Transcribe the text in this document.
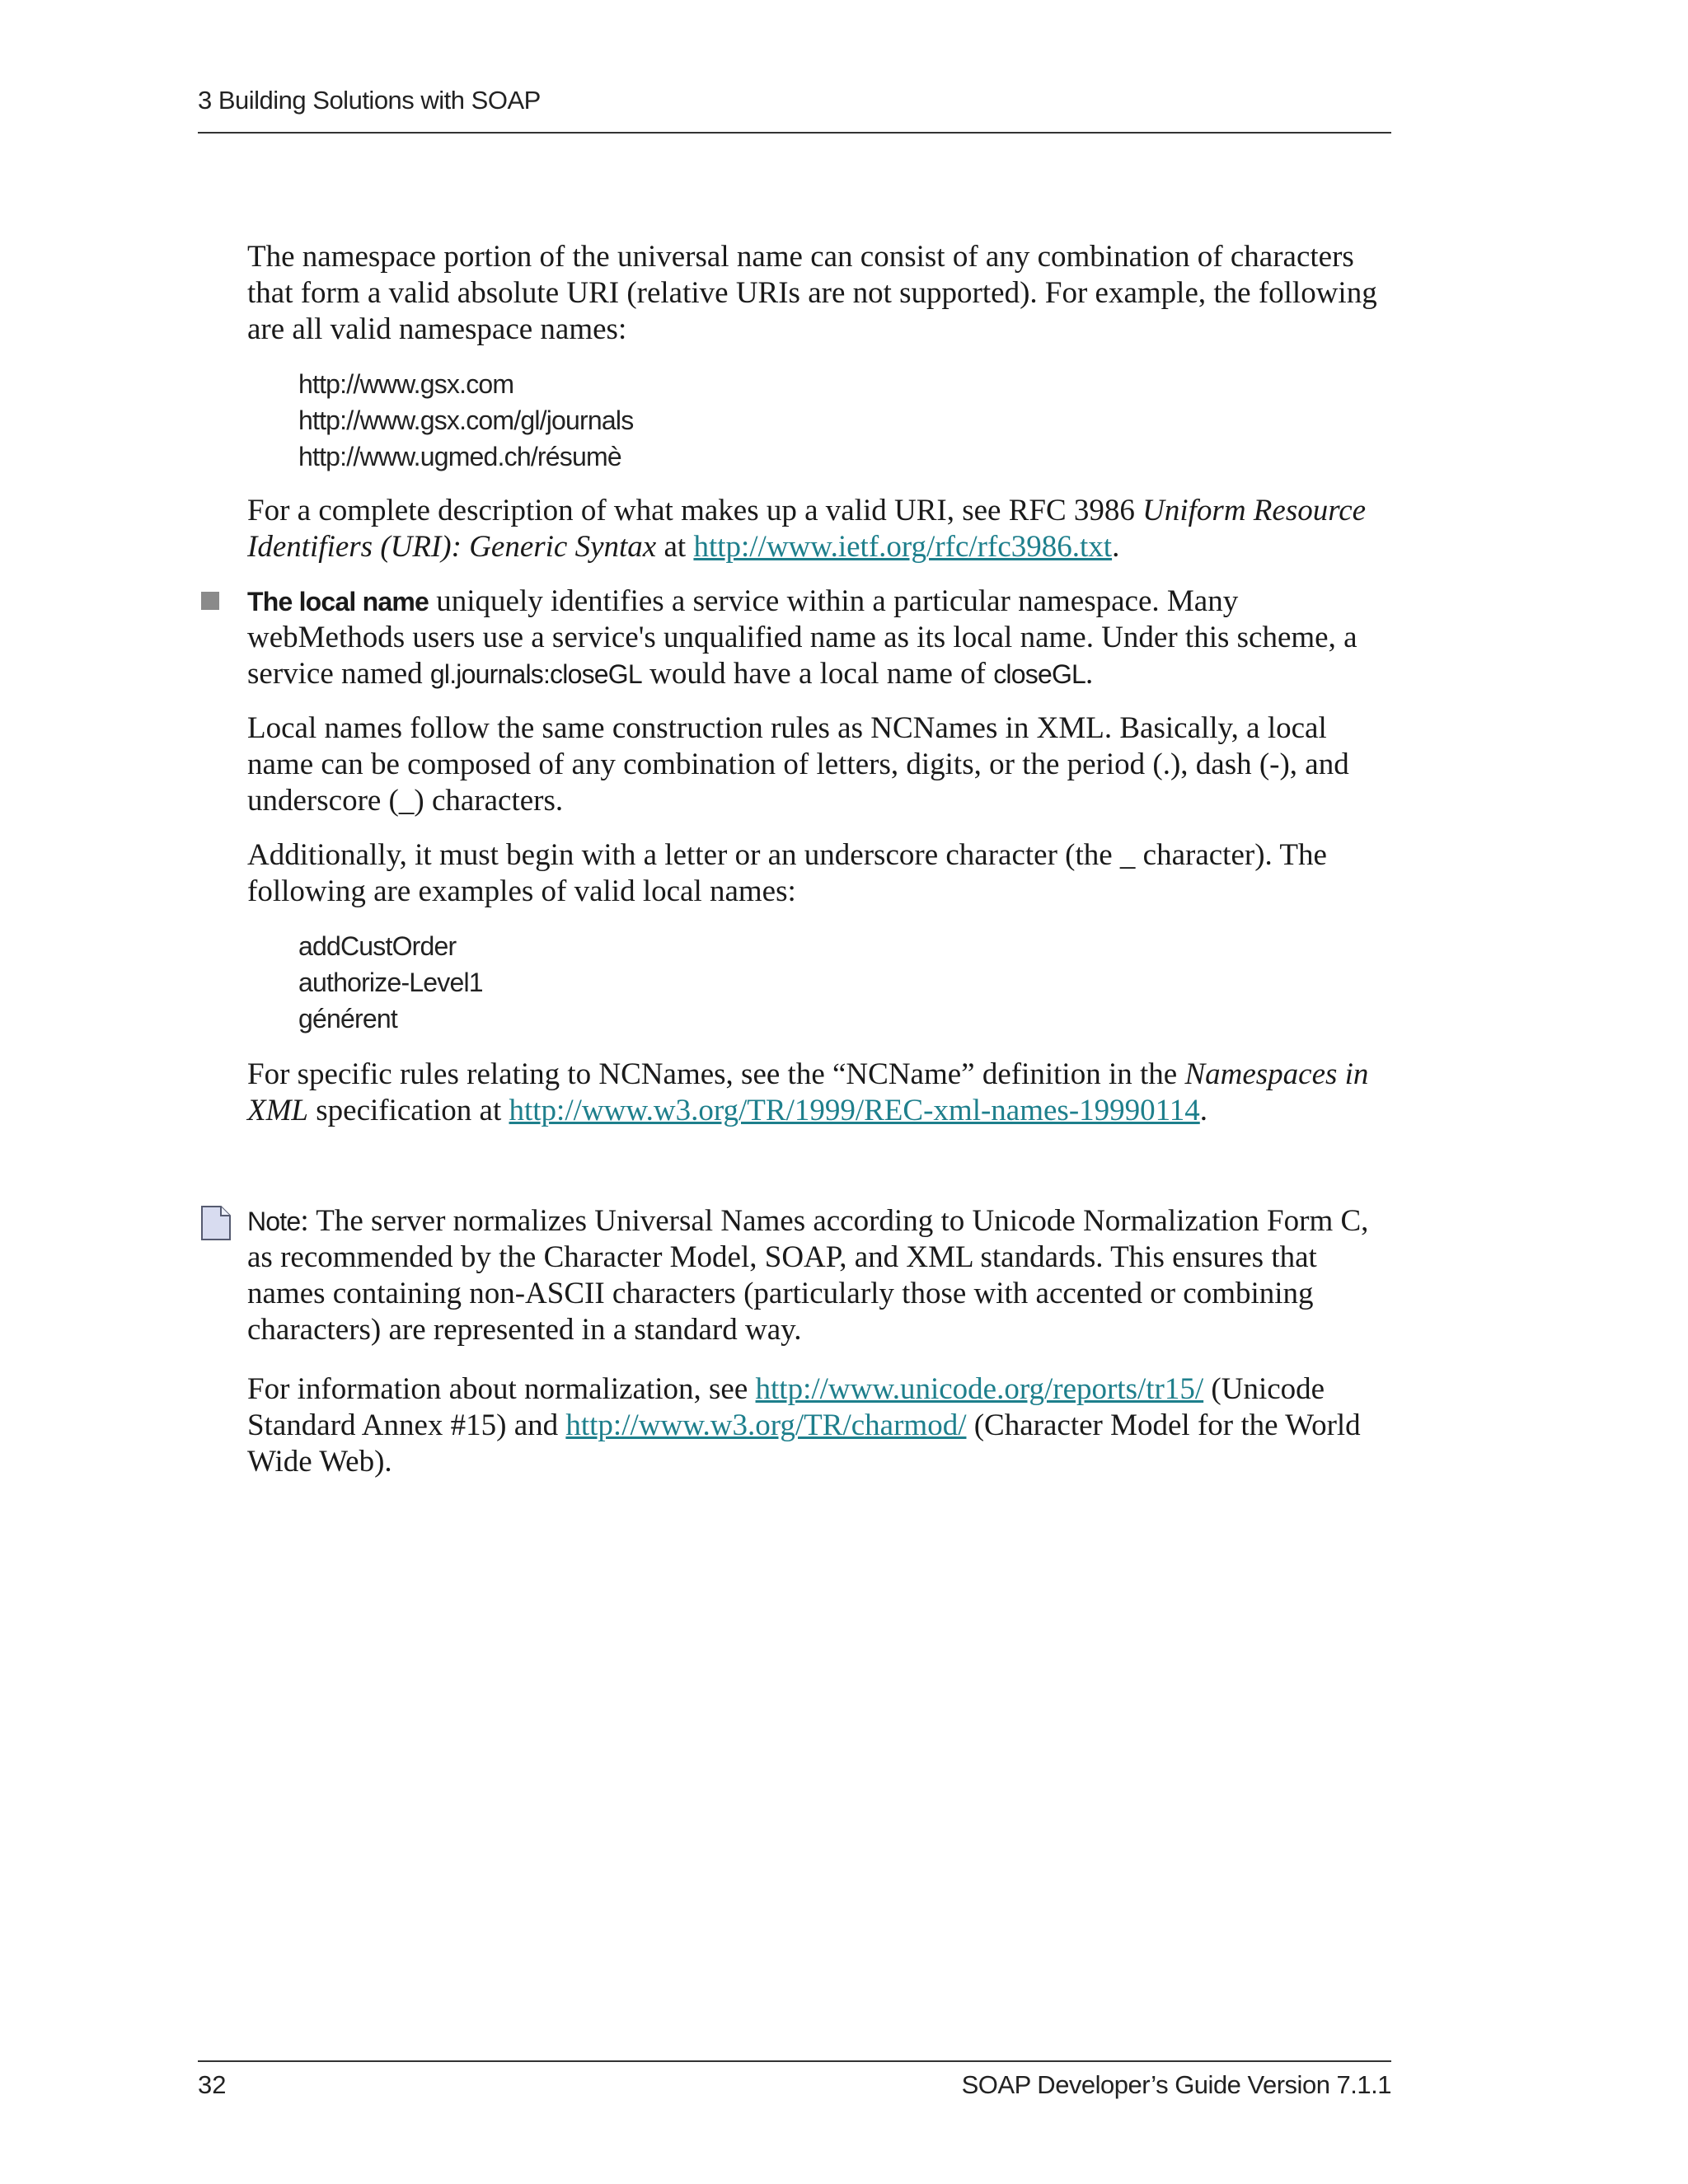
3 Building Solutions with SOAP

The namespace portion of the universal name can consist of any combination of characters that form a valid absolute URI (relative URIs are not supported). For example, the following are all valid namespace names:

http://www.gsx.com
http://www.gsx.com/gl/journals
http://www.ugmed.ch/résumè

For a complete description of what makes up a valid URI, see RFC 3986 Uniform Resource Identifiers (URI): Generic Syntax at http://www.ietf.org/rfc/rfc3986.txt.

The local name uniquely identifies a service within a particular namespace. Many webMethods users use a service's unqualified name as its local name. Under this scheme, a service named gl.journals:closeGL would have a local name of closeGL.

Local names follow the same construction rules as NCNames in XML. Basically, a local name can be composed of any combination of letters, digits, or the period (.), dash (-), and underscore (_) characters.

Additionally, it must begin with a letter or an underscore character (the _ character). The following are examples of valid local names:

addCustOrder
authorize-Level1
générent

For specific rules relating to NCNames, see the “NCName” definition in the Namespaces in XML specification at http://www.w3.org/TR/1999/REC-xml-names-19990114.

Note: The server normalizes Universal Names according to Unicode Normalization Form C, as recommended by the Character Model, SOAP, and XML standards. This ensures that names containing non-ASCII characters (particularly those with accented or combining characters) are represented in a standard way.

For information about normalization, see http://www.unicode.org/reports/tr15/ (Unicode Standard Annex #15) and http://www.w3.org/TR/charmod/ (Character Model for the World Wide Web).

32	SOAP Developer’s Guide Version 7.1.1
